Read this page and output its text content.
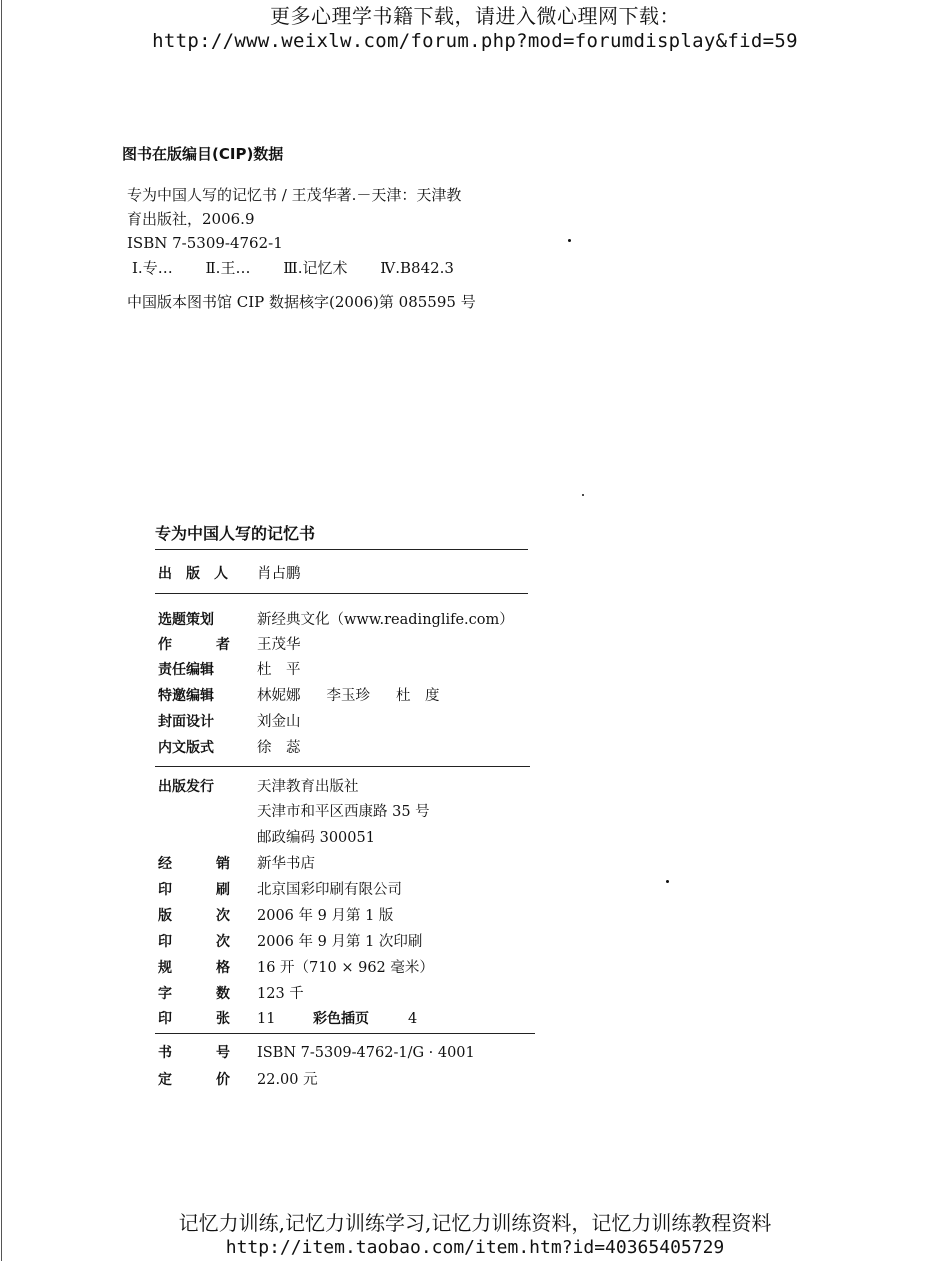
更多心理学书籍下载，请进入微心理网下载：
http://www.weixlw.com/forum.php?mod=forumdisplay&fid=59
图书在版编目(CIP)数据
专为中国人写的记忆书 / 王茂华著.－天津：天津教
育出版社，2006.9
ISBN 7-5309-4762-1
Ⅰ.专… Ⅱ.王… Ⅲ.记忆术 Ⅳ.B842.3
中国版本图书馆 CIP 数据核字(2006)第 085595 号
专为中国人写的记忆书
出 版 人 肖占鹏
选题策划	新经典文化（www.readinglife.com）
作	者 王茂华
责任编辑	杜　平
特邀编辑	林妮娜 李玉珍 杜　度
封面设计	刘金山
内文版式	徐　蕊
出版发行	天津教育出版社
天津市和平区西康路 35 号
邮政编码 300051
经	销 新华书店
印	刷 北京国彩印刷有限公司
版	次 2006 年 9 月第 1 版
印	次 2006 年 9 月第 1 次印刷
规	格 16 开（710 × 962 毫米）
字	数 123 千
印	张 11	彩色插页	4
书	号 ISBN 7-5309-4762-1/G · 4001
定	价 22.00 元
记忆力训练,记忆力训练学习,记忆力训练资料，记忆力训练教程资料
http://item.taobao.com/item.htm?id=40365405729
